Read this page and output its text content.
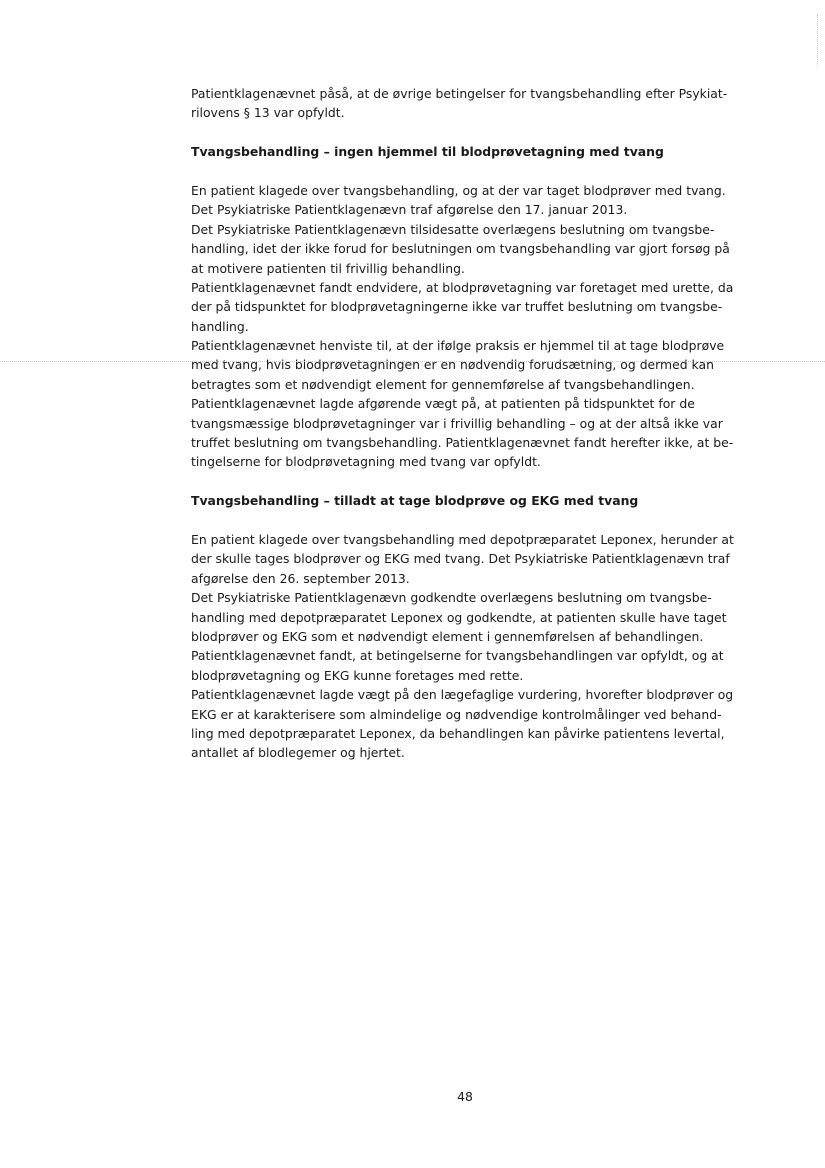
Patientklagenævnet påså, at de øvrige betingelser for tvangsbehandling efter Psykiat-
rilovens § 13 var opfyldt.
Tvangsbehandling – ingen hjemmel til blodprøvetagning med tvang
En patient klagede over tvangsbehandling, og at der var taget blodprøver med tvang.
Det Psykiatriske Patientklagenævn traf afgørelse den 17. januar 2013.
Det Psykiatriske Patientklagenævn tilsidesatte overlægens beslutning om tvangsbe-
handling, idet der ikke forud for beslutningen om tvangsbehandling var gjort forsøg på
at motivere patienten til frivillig behandling.
Patientklagenævnet fandt endvidere, at blodprøvetagning var foretaget med urette, da
der på tidspunktet for blodprøvetagningerne ikke var truffet beslutning om tvangsbe-
handling.
Patientklagenævnet henviste til, at der ifølge praksis er hjemmel til at tage blodprøve
med tvang, hvis blodprøvetagningen er en nødvendig forudsætning, og dermed kan
betragtes som et nødvendigt element for gennemførelse af tvangsbehandlingen.
Patientklagenævnet lagde afgørende vægt på, at patienten på tidspunktet for de
tvangsmæssige blodprøvetagninger var i frivillig behandling – og at der altså ikke var
truffet beslutning om tvangsbehandling. Patientklagenævnet fandt herefter ikke, at be-
tingelserne for blodprøvetagning med tvang var opfyldt.
Tvangsbehandling – tilladt at tage blodprøve og EKG med tvang
En patient klagede over tvangsbehandling med depotpræparatet Leponex, herunder at
der skulle tages blodprøver og EKG med tvang. Det Psykiatriske Patientklagenævn traf
afgørelse den 26. september 2013.
Det Psykiatriske Patientklagenævn godkendte overlægens beslutning om tvangsbe-
handling med depotpræparatet Leponex og godkendte, at patienten skulle have taget
blodprøver og EKG som et nødvendigt element i gennemførelsen af behandlingen.
Patientklagenævnet fandt, at betingelserne for tvangsbehandlingen var opfyldt, og at
blodprøvetagning og EKG kunne foretages med rette.
Patientklagenævnet lagde vægt på den lægefaglige vurdering, hvorefter blodprøver og
EKG er at karakterisere som almindelige og nødvendige kontrolmålinger ved behand-
ling med depotpræparatet Leponex, da behandlingen kan påvirke patientens levertal,
antallet af blodlegemer og hjertet.
48
